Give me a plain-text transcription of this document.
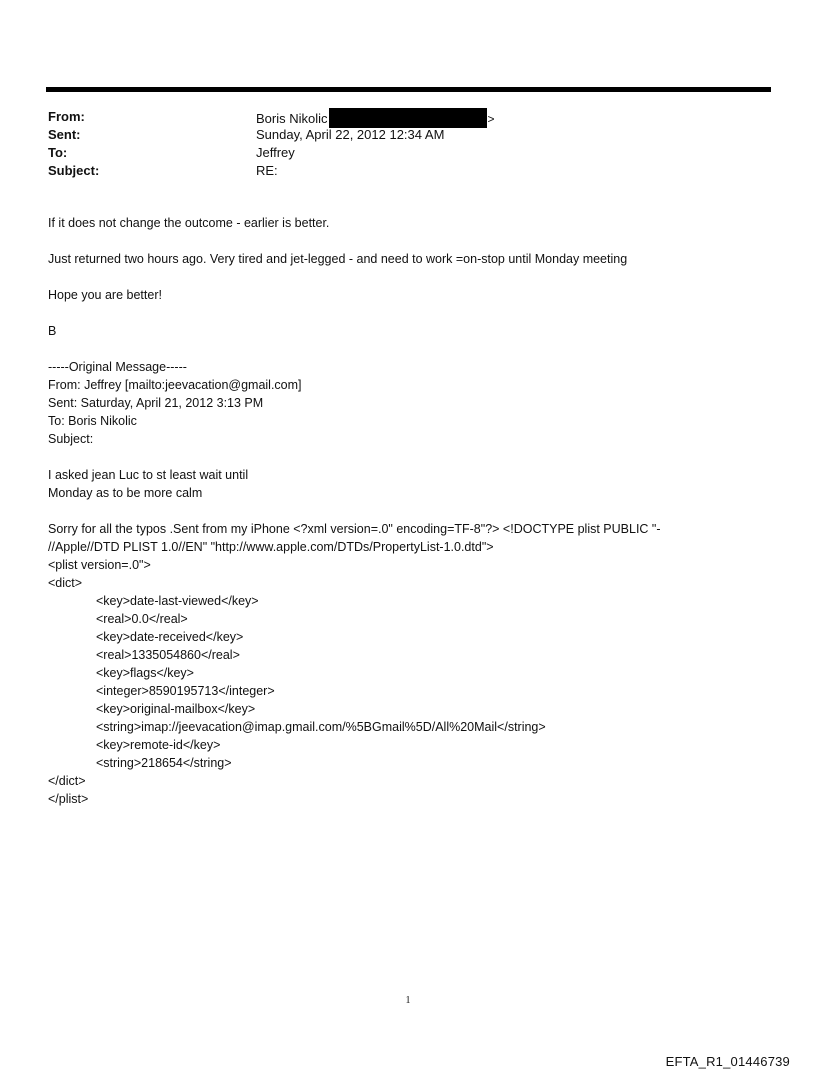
From:	Boris Nikolic	>
Sent:	Sunday, April 22, 2012 12:34 AM
To:	Jeffrey
Subject:	RE:

If it does not change the outcome - earlier is better.

Just returned two hours ago. Very tired and jet-legged - and need to work =on-stop until Monday meeting

Hope you are better!

B

-----Original Message-----

From: Jeffrey [mailto:jeevacation@gmail.com]

Sent: Saturday, April 21, 2012 3:13 PM

To: Boris Nikolic

Subject:

I asked jean Luc to st least wait until

Monday as to be more calm

Sorry for all the typos .Sent from my iPhone <?xml version=.0" encoding=TF-8"?> <!DOCTYPE plist PUBLIC "-

//Apple//DTD PLIST 1.0//EN" "http://www.apple.com/DTDs/PropertyList-1.0.dtd">

<plist version=.0">

<dict>

<key>date-last-viewed</key>

<real>0.0</real>

<key>date-received</key>

<real>1335054860</real>

<key>flags</key>

<integer>8590195713</integer>

<key>original-mailbox</key>

<string>imap://jeevacation@imap.gmail.com/%5BGmail%5D/All%20Mail</string>

<key>remote-id</key>

<string>218654</string>

</dict>

</plist>

1
EFTA_R1_01446739
